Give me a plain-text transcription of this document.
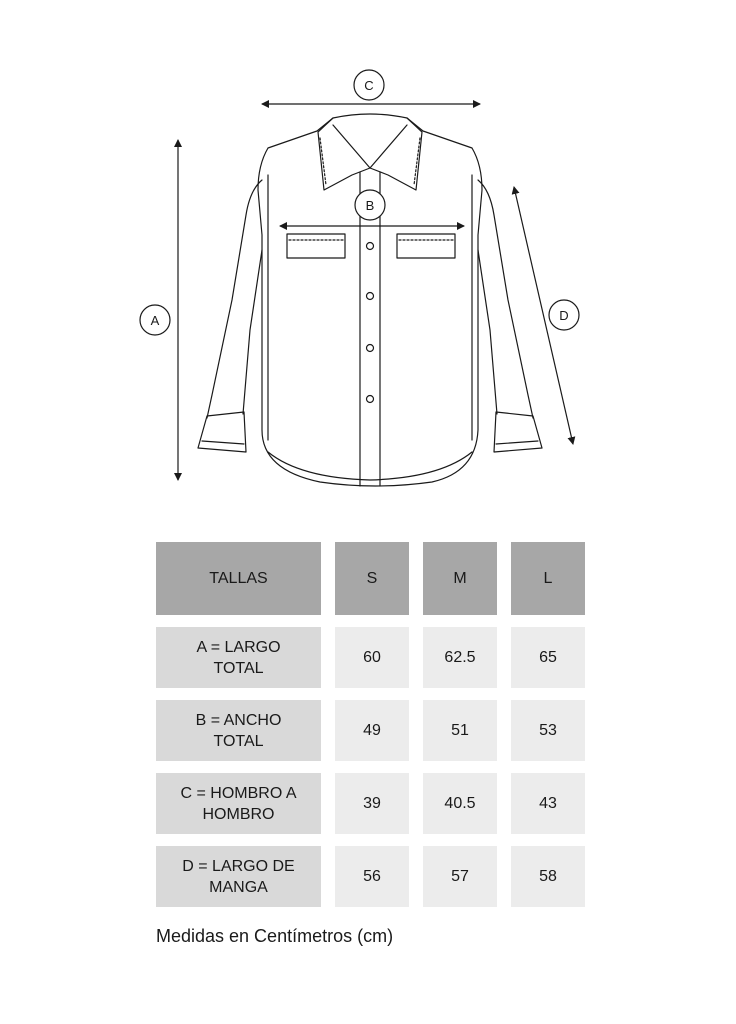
C
B
A	D
TALLAS	S	M	L
A = LARGO TOTAL
60	62.5	65
B = ANCHO TOTAL
49	51	53
C = HOMBRO A HOMBRO
39	40.5	43
D = LARGO DE MANGA
56	57	58
Medidas en Centímetros (cm)
